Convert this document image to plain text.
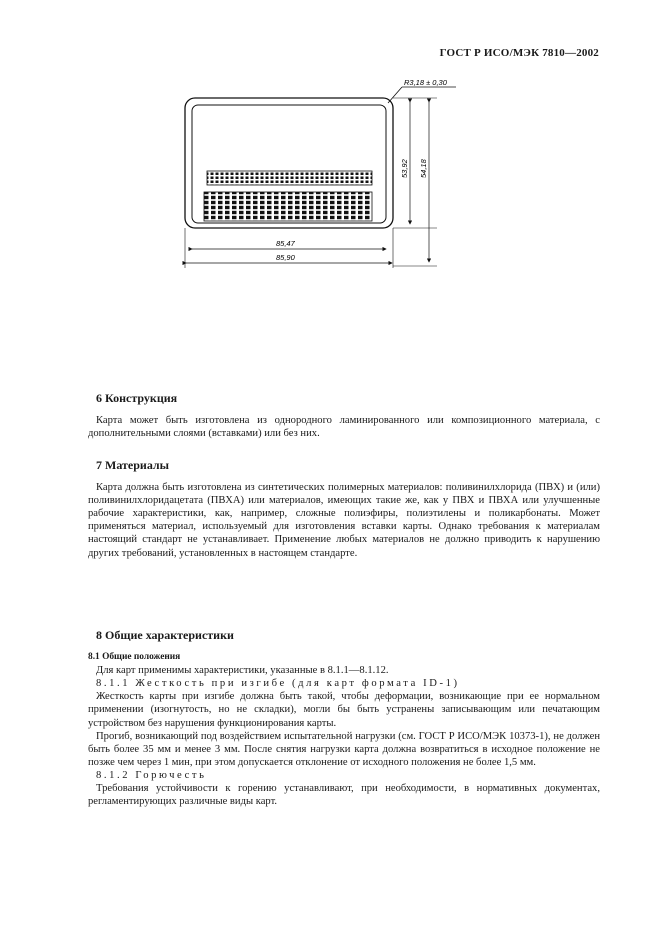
ГОСТ Р ИСО/МЭК 7810—2002
R3,18 ± 0,30
53,92 54,18
85,47
85,90

6 Конструкция

Карта может быть изготовлена из однородного ламинированного или композиционного материала, с дополнительными слоями (вставками) или без них.

7 Материалы

Карта должна быть изготовлена из синтетических полимерных материалов: поливинилхлорида (ПВХ) и (или) поливинилхлоридацетата (ПВХА) или материалов, имеющих такие же, как у ПВХ и ПВХА или улучшенные рабочие характеристики, как, например, сложные полиэфиры, полиэтилены и поликарбонаты. Может применяться материал, используемый для изготовления вставки карты. Однако требования к материалам настоящий стандарт не устанавливает. Применение любых материалов не должно приводить к нарушению других требований, установленных в настоящем стандарте.

8 Общие характеристики

8.1 Общие положения

Для карт применимы характеристики, указанные в 8.1.1—8.1.12.

8.1.1 Жесткость при изгибе (для карт формата ID-1)

Жесткость карты при изгибе должна быть такой, чтобы деформации, возникающие при ее нормальном применении (изогнутость, но не складки), могли бы быть устранены записывающим или печатающим устройством без нарушения функционирования карты.

Прогиб, возникающий под воздействием испытательной нагрузки (см. ГОСТ Р ИСО/МЭК 10373-1), не должен быть более 35 мм и менее 3 мм. После снятия нагрузки карта должна возвратиться в исходное положение не позже чем через 1 мин, при этом допускается отклонение от исходного положения не более 1,5 мм.

8.1.2 Горючесть

Требования устойчивости к горению устанавливают, при необходимости, в нормативных документах, регламентирующих различные виды карт.
